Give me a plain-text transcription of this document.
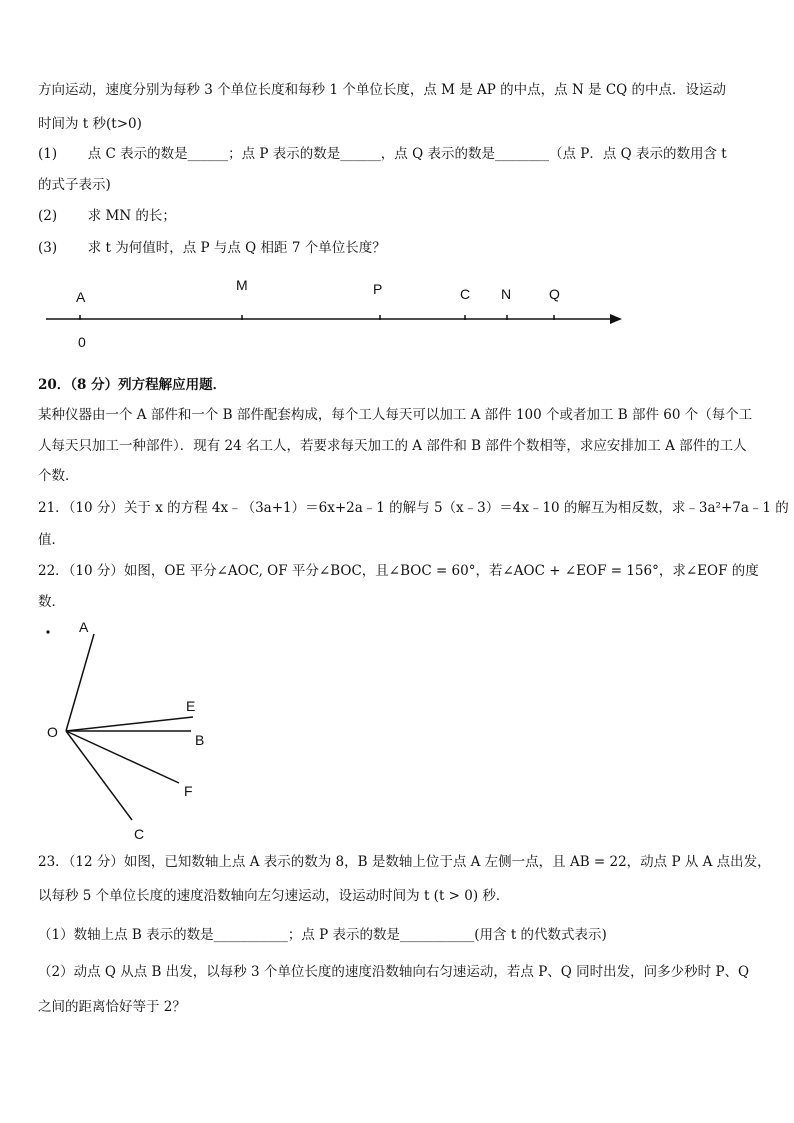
方向运动，速度分别为每秒 3 个单位长度和每秒 1 个单位长度，点 M 是 AP 的中点，点 N 是 CQ 的中点．设运动
时间为 t 秒(t>0)
(1) 点 C 表示的数是______；点 P 表示的数是______，点 Q 表示的数是________（点 P．点 Q 表示的数用含 t
的式子表示)
(2) 求 MN 的长；
(3) 求 t 为何值时，点 P 与点 Q 相距 7 个单位长度？
A
M	P	C N	Q
0
20．（8 分）列方程解应用题．
某种仪器由一个 A 部件和一个 B 部件配套构成，每个工人每天可以加工 A 部件 100 个或者加工 B 部件 60 个（每个工
人每天只加工一种部件）．现有 24 名工人，若要求每天加工的 A 部件和 B 部件个数相等，求应安排加工 A 部件的工人
个数．
21．（10 分）关于 x 的方程 4x﹣（3a+1）＝6x+2a﹣1 的解与 5（x﹣3）＝4x﹣10 的解互为相反数，求﹣3a²+7a﹣1 的
值．
22．（10 分）如图，OE 平分∠AOC, OF 平分∠BOC，且∠BOC = 60°，若∠AOC + ∠EOF = 156°，求∠EOF 的度
数．
A
E
O	B
F
C
23．（12 分）如图，已知数轴上点 A 表示的数为 8，B 是数轴上位于点 A 左侧一点，且 AB = 22，动点 P 从 A 点出发，
以每秒 5 个单位长度的速度沿数轴向左匀速运动，设运动时间为 t (t > 0) 秒．
（1）数轴上点 B 表示的数是___________；点 P 表示的数是___________(用含 t 的代数式表示)
（2）动点 Q 从点 B 出发，以每秒 3 个单位长度的速度沿数轴向右匀速运动，若点 P、Q 同时出发，问多少秒时 P、Q
之间的距离恰好等于 2？
